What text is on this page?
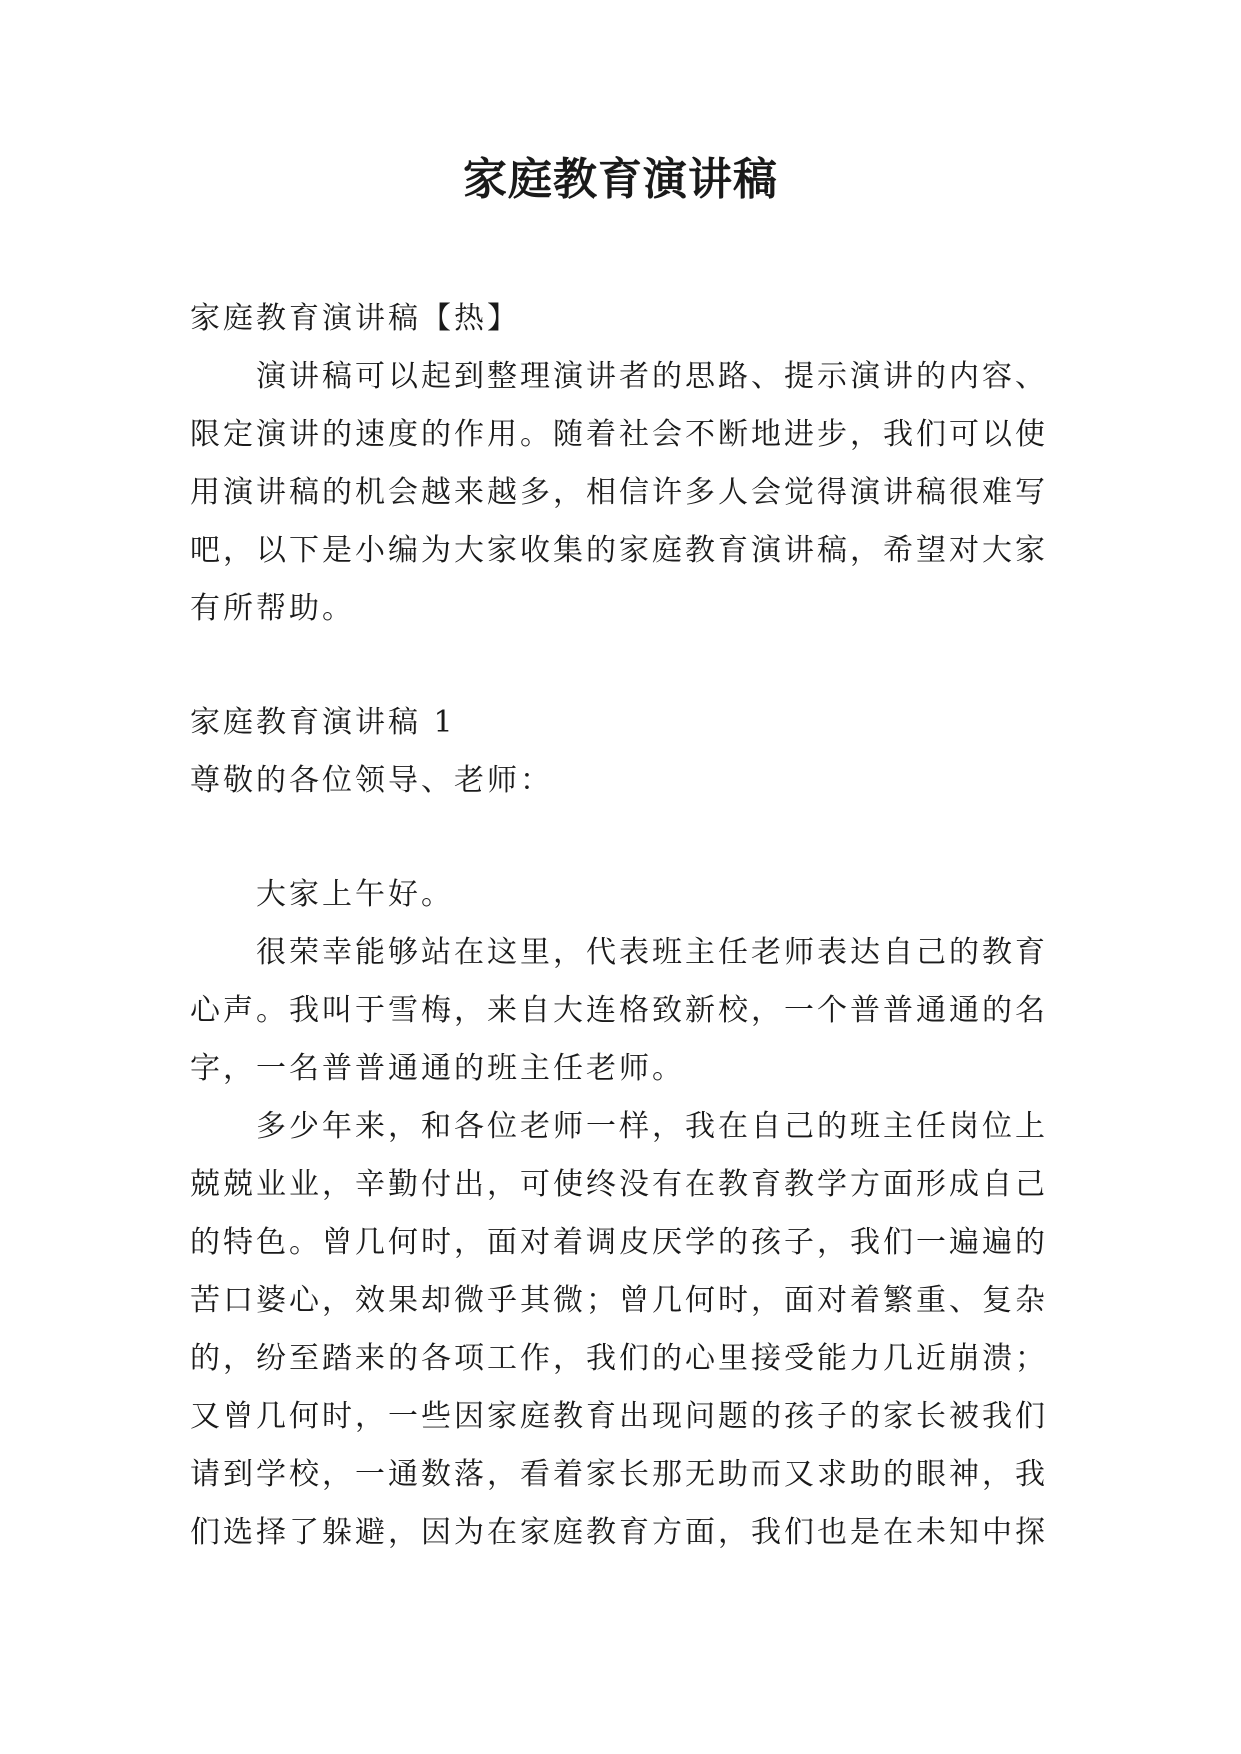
家庭教育演讲稿
家庭教育演讲稿【热】
演讲稿可以起到整理演讲者的思路、提示演讲的内容、
限定演讲的速度的作用。随着社会不断地进步，我们可以使
用演讲稿的机会越来越多，相信许多人会觉得演讲稿很难写
吧，以下是小编为大家收集的家庭教育演讲稿，希望对大家
有所帮助。
家庭教育演讲稿 1
尊敬的各位领导、老师：
大家上午好。
很荣幸能够站在这里，代表班主任老师表达自己的教育
心声。我叫于雪梅，来自大连格致新校，一个普普通通的名
字，一名普普通通的班主任老师。
多少年来，和各位老师一样，我在自己的班主任岗位上
兢兢业业，辛勤付出，可使终没有在教育教学方面形成自己
的特色。曾几何时，面对着调皮厌学的孩子，我们一遍遍的
苦口婆心，效果却微乎其微；曾几何时，面对着繁重、复杂
的，纷至踏来的各项工作，我们的心里接受能力几近崩溃；
又曾几何时，一些因家庭教育出现问题的孩子的家长被我们
请到学校，一通数落，看着家长那无助而又求助的眼神，我
们选择了躲避，因为在家庭教育方面，我们也是在未知中探
